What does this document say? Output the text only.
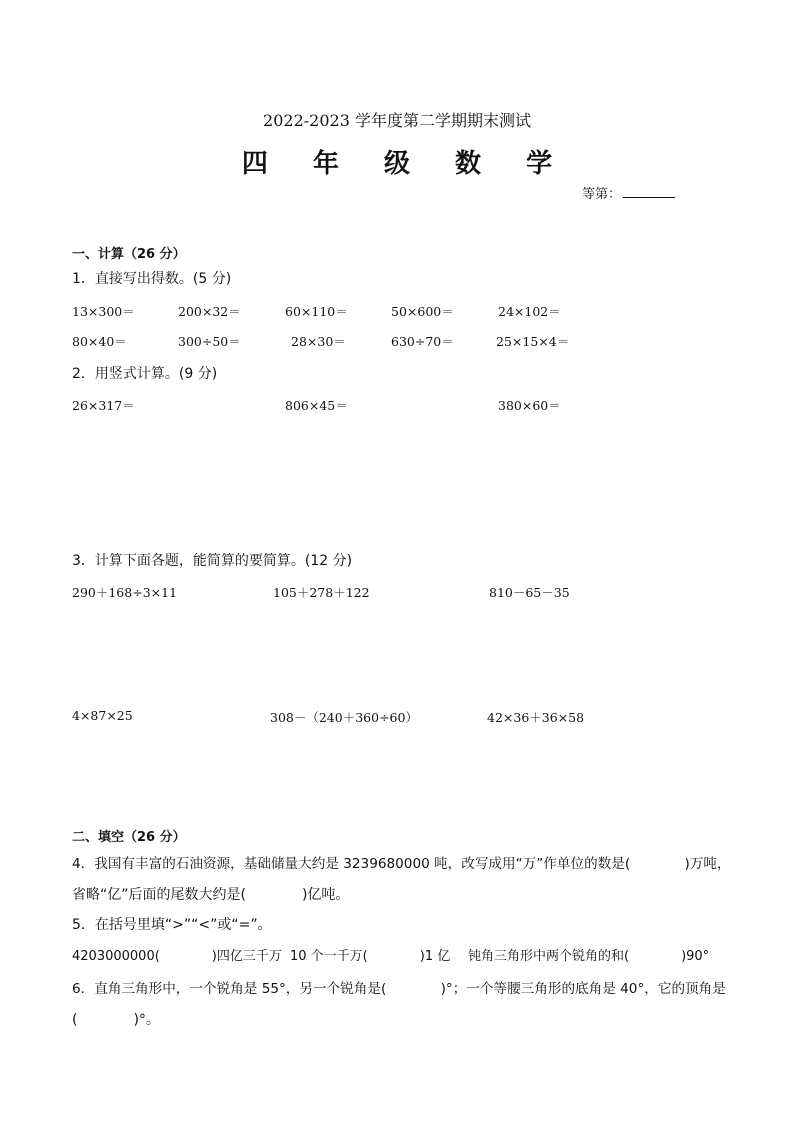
2022-2023 学年度第二学期期末测试
四 年 级 数 学
等第：
一、计算（26 分）
1．直接写出得数。(5 分)
13×300＝	200×32＝	60×110＝	50×600＝	24×102＝
80×40＝	300÷50＝	28×30＝	630÷70＝	25×15×4＝
2．用竖式计算。(9 分)
26×317＝	806×45＝	380×60＝
3．计算下面各题，能简算的要简算。(12 分)
290＋168÷3×11	105＋278＋122	810－65－35
4×87×25	308－（240＋360÷60）	42×36＋36×58
二、填空（26 分）
4．我国有丰富的石油资源，基础储量大约是 3239680000 吨，改写成用“万”作单位的数是(　　　　)万吨，
省略“亿”后面的尾数大约是(　　　　)亿吨。
5．在括号里填“>”“<”或“=”。
4203000000(　　　　)四亿三千万 10 个一千万(　　　　)1 亿 钝角三角形中两个锐角的和(　　　　)90°
6．直角三角形中，一个锐角是 55°，另一个锐角是(　　　　)°；一个等腰三角形的底角是 40°，它的顶角是
(　　　　)°。
